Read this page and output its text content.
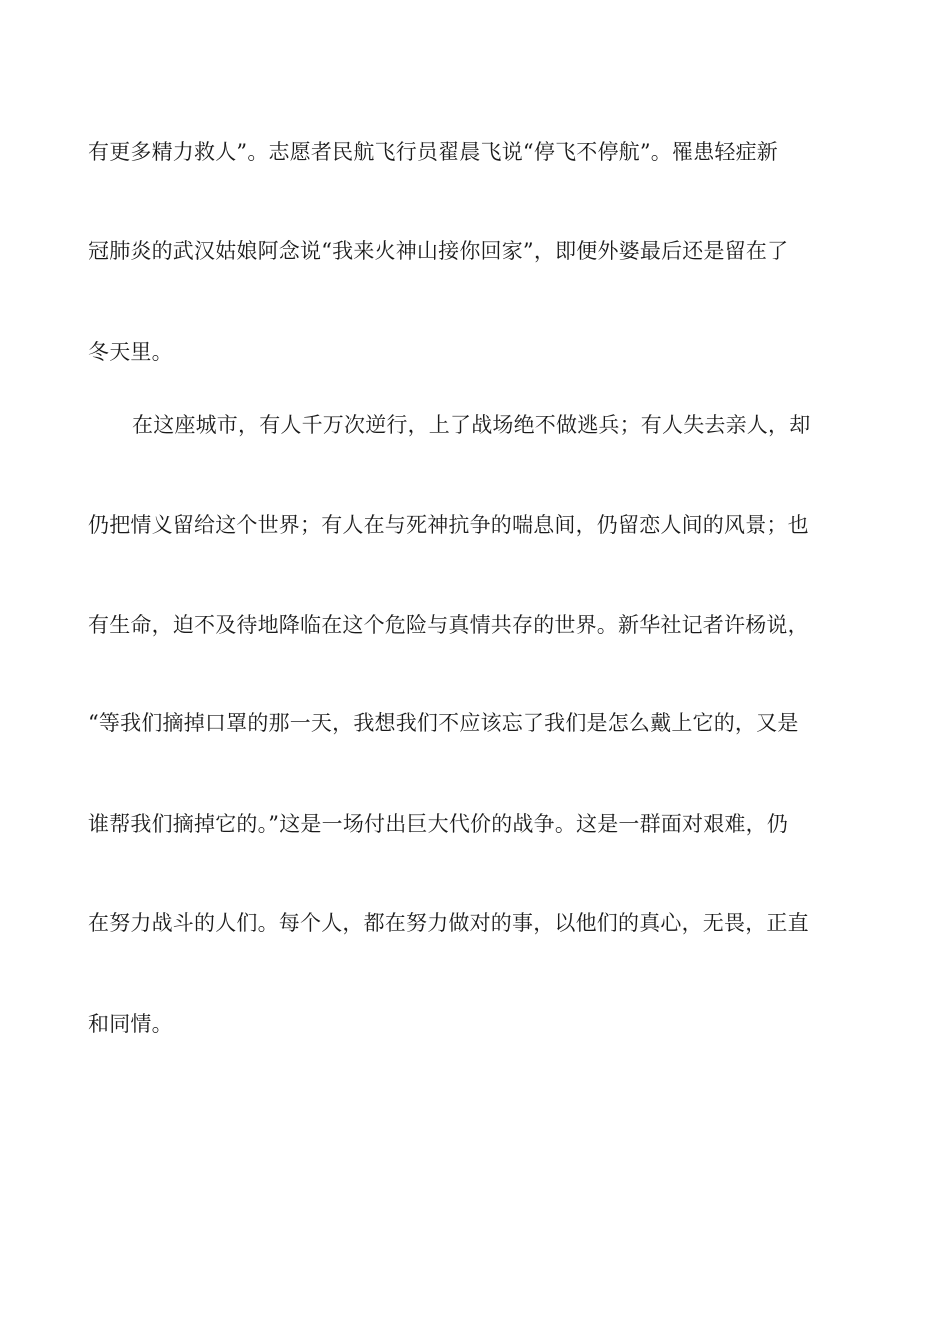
有更多精力救人”。志愿者民航飞行员翟晨飞说“停飞不停航”。罹患轻症新
冠肺炎的武汉姑娘阿念说“我来火神山接你回家”，即便外婆最后还是留在了
冬天里。
在这座城市，有人千万次逆行，上了战场绝不做逃兵；有人失去亲人，却
仍把情义留给这个世界；有人在与死神抗争的喘息间，仍留恋人间的风景；也
有生命，迫不及待地降临在这个危险与真情共存的世界。新华社记者许杨说，
“等我们摘掉口罩的那一天，我想我们不应该忘了我们是怎么戴上它的，又是
谁帮我们摘掉它的。”这是一场付出巨大代价的战争。这是一群面对艰难，仍
在努力战斗的人们。每个人，都在努力做对的事，以他们的真心，无畏，正直
和同情。
